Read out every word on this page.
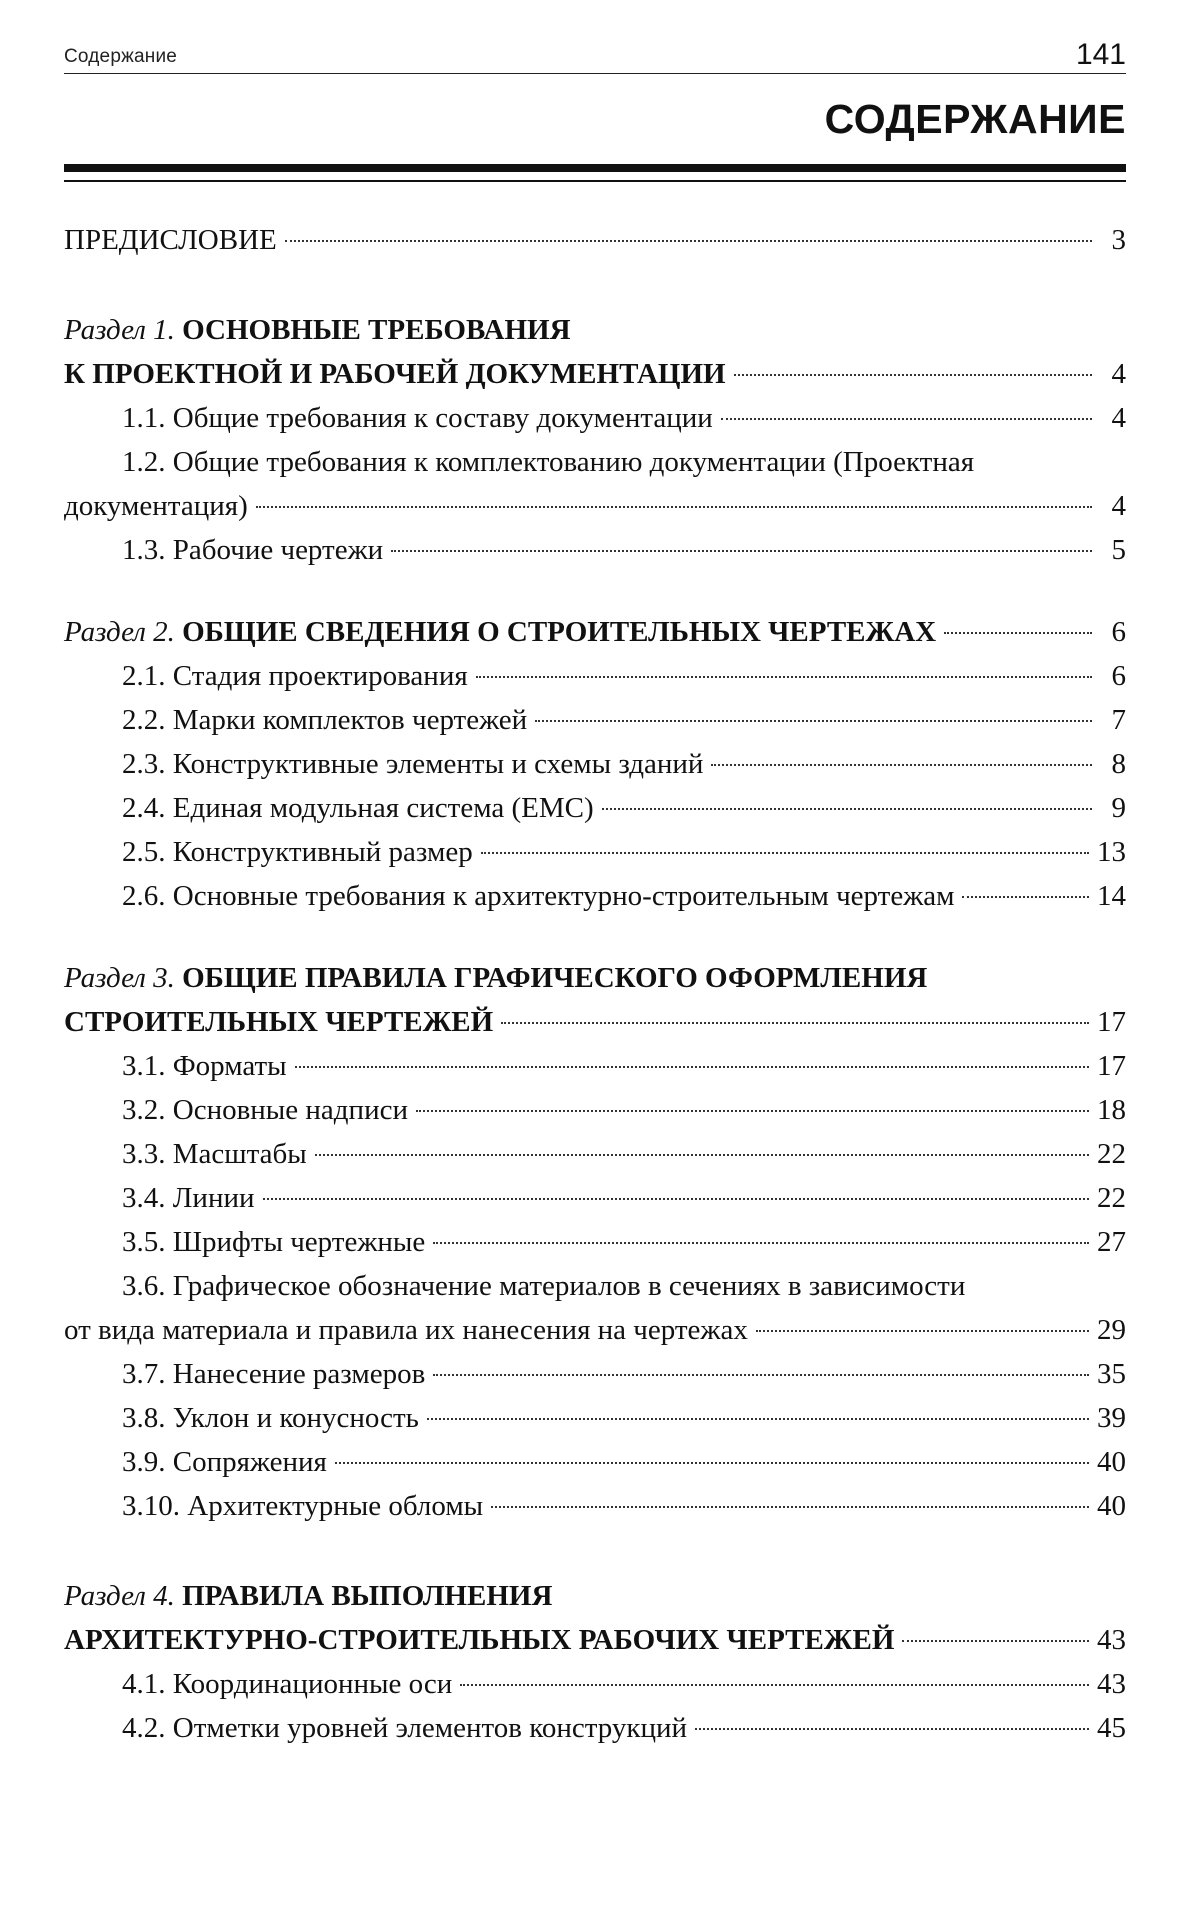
Содержание	141
СОДЕРЖАНИЕ
ПРЕДИСЛОВИЕ	3
Раздел 1. ОСНОВНЫЕ ТРЕБОВАНИЯ
К ПРОЕКТНОЙ И РАБОЧЕЙ ДОКУМЕНТАЦИИ	4
1.1. Общие требования к составу документации	4
1.2. Общие требования к комплектованию документации (Проектная
документация)	4
1.3. Рабочие чертежи	5
Раздел 2. ОБЩИЕ СВЕДЕНИЯ О СТРОИТЕЛЬНЫХ ЧЕРТЕЖАХ	6
2.1. Стадия проектирования	6
2.2. Марки комплектов чертежей	7
2.3. Конструктивные элементы и схемы зданий	8
2.4. Единая модульная система (ЕМС)	9
2.5. Конструктивный размер	13
2.6. Основные требования к архитектурно-строительным чертежам	14
Раздел 3. ОБЩИЕ ПРАВИЛА ГРАФИЧЕСКОГО ОФОРМЛЕНИЯ
СТРОИТЕЛЬНЫХ ЧЕРТЕЖЕЙ	17
3.1. Форматы	17
3.2. Основные надписи	18
3.3. Масштабы	22
3.4. Линии	22
3.5. Шрифты чертежные	27
3.6. Графическое обозначение материалов в сечениях в зависимости
от вида материала и правила их нанесения на чертежах	29
3.7. Нанесение размеров	35
3.8. Уклон и конусность	39
3.9. Сопряжения	40
3.10. Архитектурные обломы	40
Раздел 4. ПРАВИЛА ВЫПОЛНЕНИЯ
АРХИТЕКТУРНО-СТРОИТЕЛЬНЫХ РАБОЧИХ ЧЕРТЕЖЕЙ	43
4.1. Координационные оси	43
4.2. Отметки уровней элементов конструкций	45
